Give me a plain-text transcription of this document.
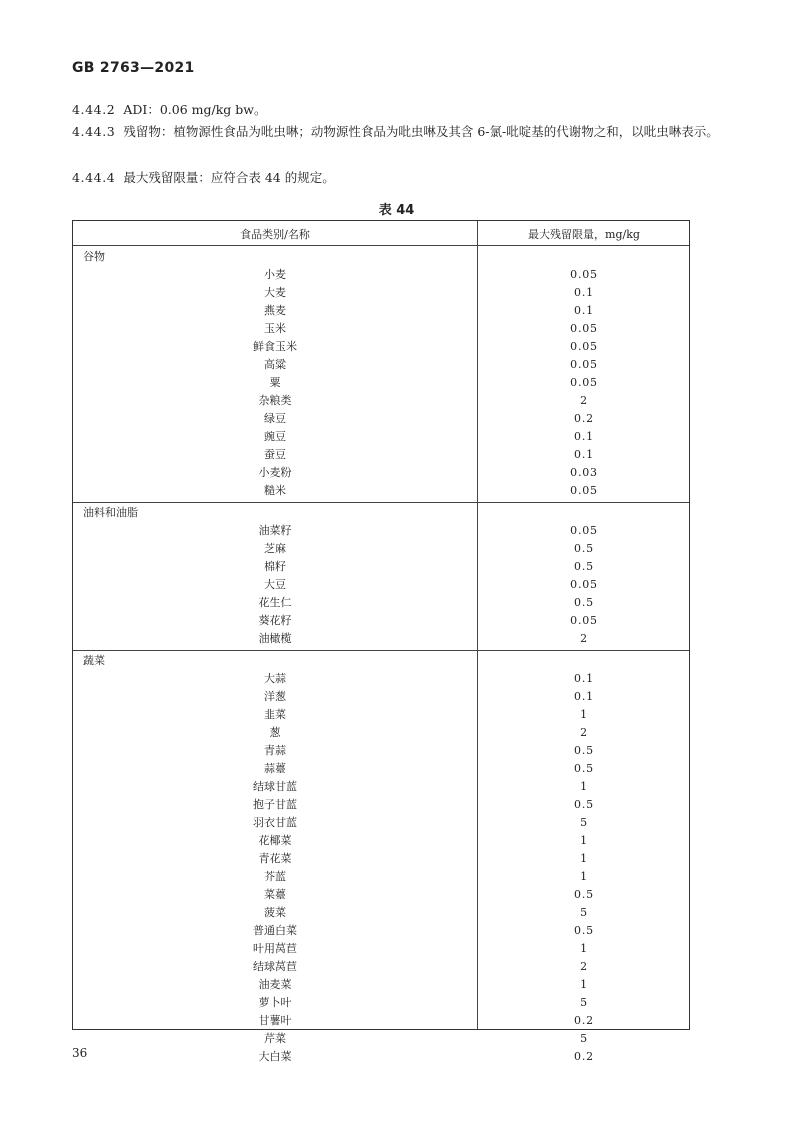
GB 2763—2021
4.44.2 ADI：0.06 mg/kg bw。
4.44.3 残留物：植物源性食品为吡虫啉；动物源性食品为吡虫啉及其含 6-氯-吡啶基的代谢物之和，以吡虫啉表示。
4.44.4 最大残留限量：应符合表 44 的规定。
表 44
食品类别/名称	最大残留限量，mg/kg
谷物
小麦	0.05
大麦	0.1
燕麦	0.1
玉米	0.05
鲜食玉米	0.05
高粱	0.05
粟	0.05
杂粮类	2
绿豆	0.2
豌豆	0.1
蚕豆	0.1
小麦粉	0.03
糙米	0.05
油料和油脂
油菜籽	0.05
芝麻	0.5
棉籽	0.5
大豆	0.05
花生仁	0.5
葵花籽	0.05
油橄榄	2
蔬菜
大蒜	0.1
洋葱	0.1
韭菜	1
葱	2
青蒜	0.5
蒜薹	0.5
结球甘蓝	1
抱子甘蓝	0.5
羽衣甘蓝	5
花椰菜	1
青花菜	1
芥蓝	1
菜薹	0.5
菠菜	5
普通白菜	0.5
叶用莴苣	1
结球莴苣	2
油麦菜	1
萝卜叶	5
甘薯叶	0.2
芹菜	5
大白菜	0.2
36
